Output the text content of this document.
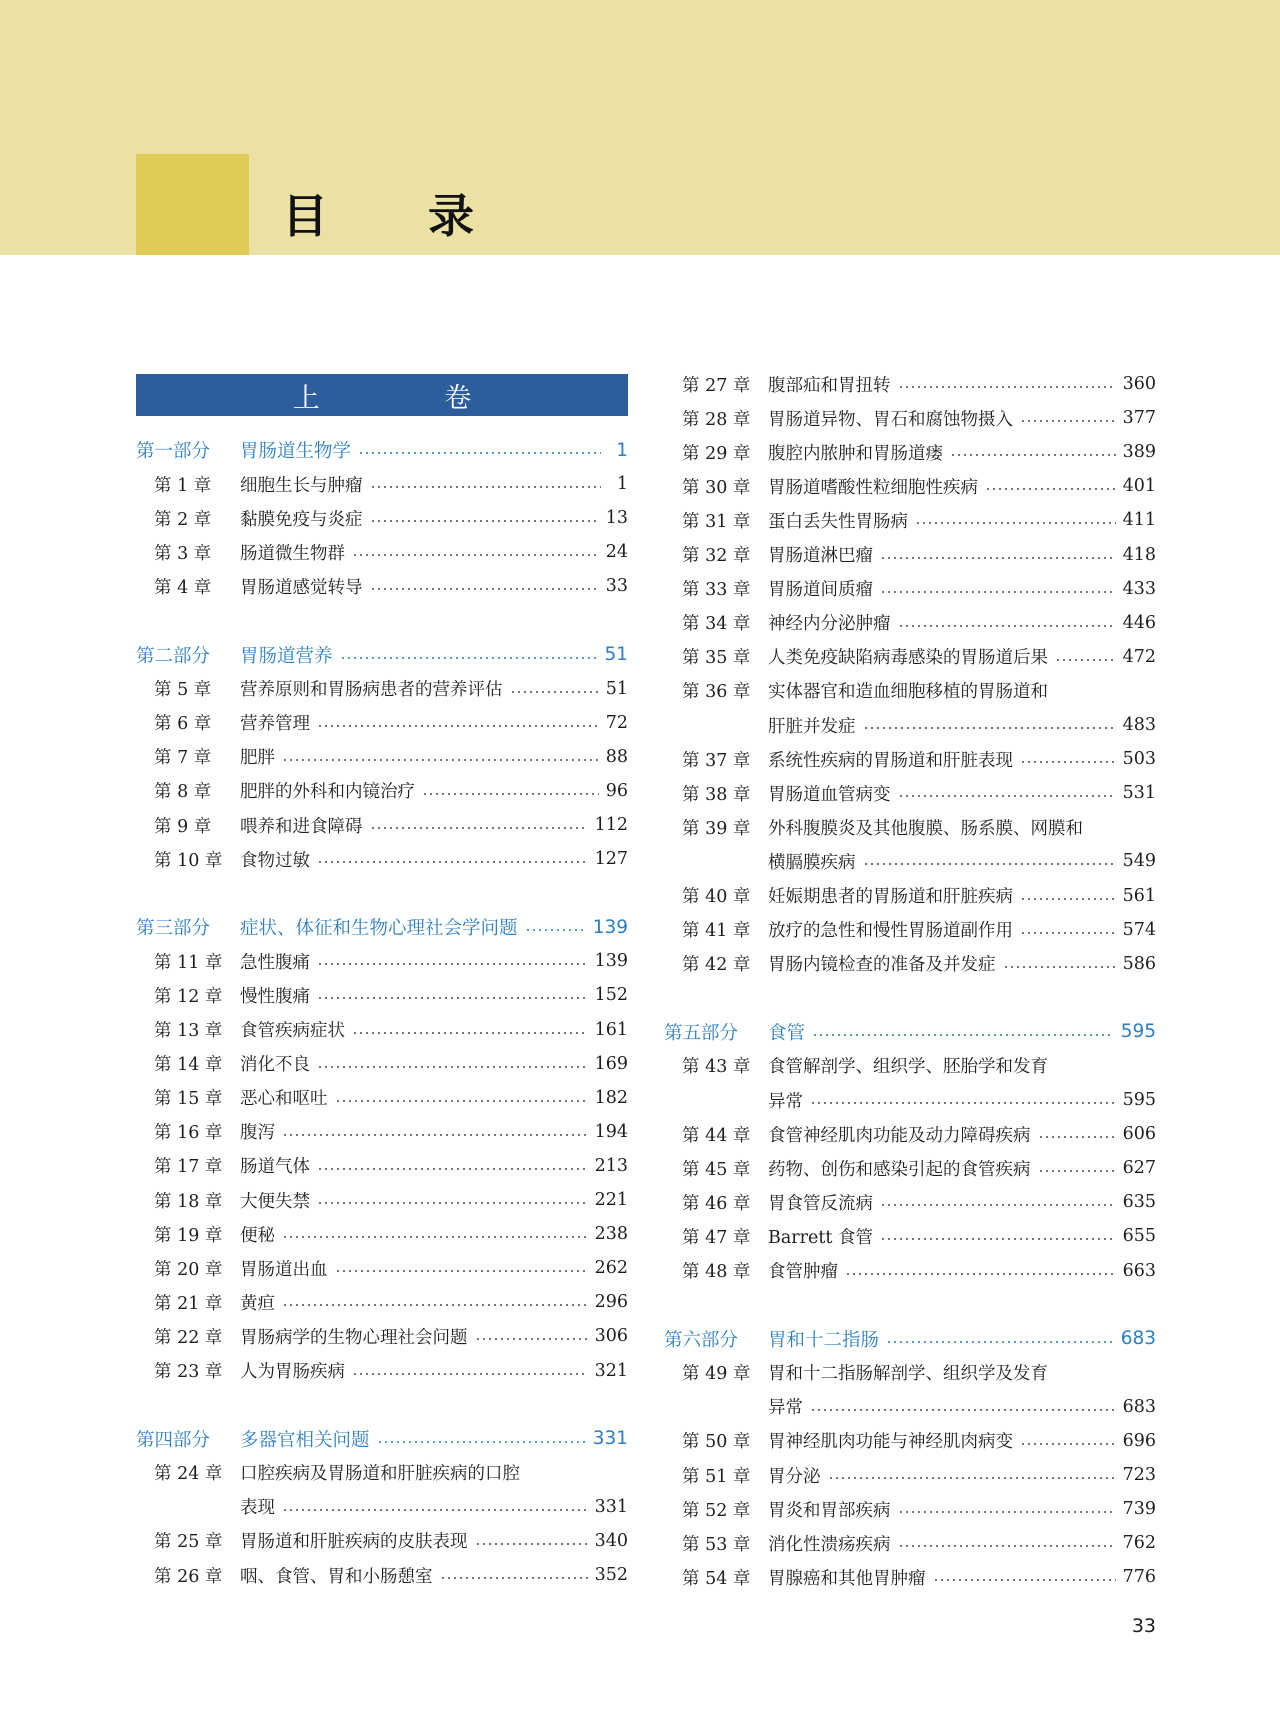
目 录
上 卷
第一部分	胃肠道生物学	1
第 1 章	细胞生长与肿瘤	1
第 2 章	黏膜免疫与炎症	13
第 3 章	肠道微生物群	24
第 4 章	胃肠道感觉转导	33
第二部分	胃肠道营养	51
第 5 章	营养原则和胃肠病患者的营养评估	51
第 6 章	营养管理	72
第 7 章	肥胖	88
第 8 章	肥胖的外科和内镜治疗	96
第 9 章	喂养和进食障碍	112
第 10 章	食物过敏	127
第三部分	症状、体征和生物心理社会学问题	139
第 11 章	急性腹痛	139
第 12 章	慢性腹痛	152
第 13 章	食管疾病症状	161
第 14 章	消化不良	169
第 15 章	恶心和呕吐	182
第 16 章	腹泻	194
第 17 章	肠道气体	213
第 18 章	大便失禁	221
第 19 章	便秘	238
第 20 章	胃肠道出血	262
第 21 章	黄疸	296
第 22 章	胃肠病学的生物心理社会问题	306
第 23 章	人为胃肠疾病	321
第四部分	多器官相关问题	331
第 24 章	口腔疾病及胃肠道和肝脏疾病的口腔
表现	331
第 25 章	胃肠道和肝脏疾病的皮肤表现	340
第 26 章	咽、食管、胃和小肠憩室	352
第 27 章	腹部疝和胃扭转	360
第 28 章	胃肠道异物、胃石和腐蚀物摄入	377
第 29 章	腹腔内脓肿和胃肠道瘘	389
第 30 章	胃肠道嗜酸性粒细胞性疾病	401
第 31 章	蛋白丢失性胃肠病	411
第 32 章	胃肠道淋巴瘤	418
第 33 章	胃肠道间质瘤	433
第 34 章	神经内分泌肿瘤	446
第 35 章	人类免疫缺陷病毒感染的胃肠道后果	472
第 36 章	实体器官和造血细胞移植的胃肠道和
肝脏并发症	483
第 37 章	系统性疾病的胃肠道和肝脏表现	503
第 38 章	胃肠道血管病变	531
第 39 章	外科腹膜炎及其他腹膜、肠系膜、网膜和
横膈膜疾病	549
第 40 章	妊娠期患者的胃肠道和肝脏疾病	561
第 41 章	放疗的急性和慢性胃肠道副作用	574
第 42 章	胃肠内镜检查的准备及并发症	586
第五部分	食管	595
第 43 章	食管解剖学、组织学、胚胎学和发育
异常	595
第 44 章	食管神经肌肉功能及动力障碍疾病	606
第 45 章	药物、创伤和感染引起的食管疾病	627
第 46 章	胃食管反流病	635
第 47 章	Barrett 食管	655
第 48 章	食管肿瘤	663
第六部分	胃和十二指肠	683
第 49 章	胃和十二指肠解剖学、组织学及发育
异常	683
第 50 章	胃神经肌肉功能与神经肌肉病变	696
第 51 章	胃分泌	723
第 52 章	胃炎和胃部疾病	739
第 53 章	消化性溃疡疾病	762
第 54 章	胃腺癌和其他胃肿瘤	776
33
